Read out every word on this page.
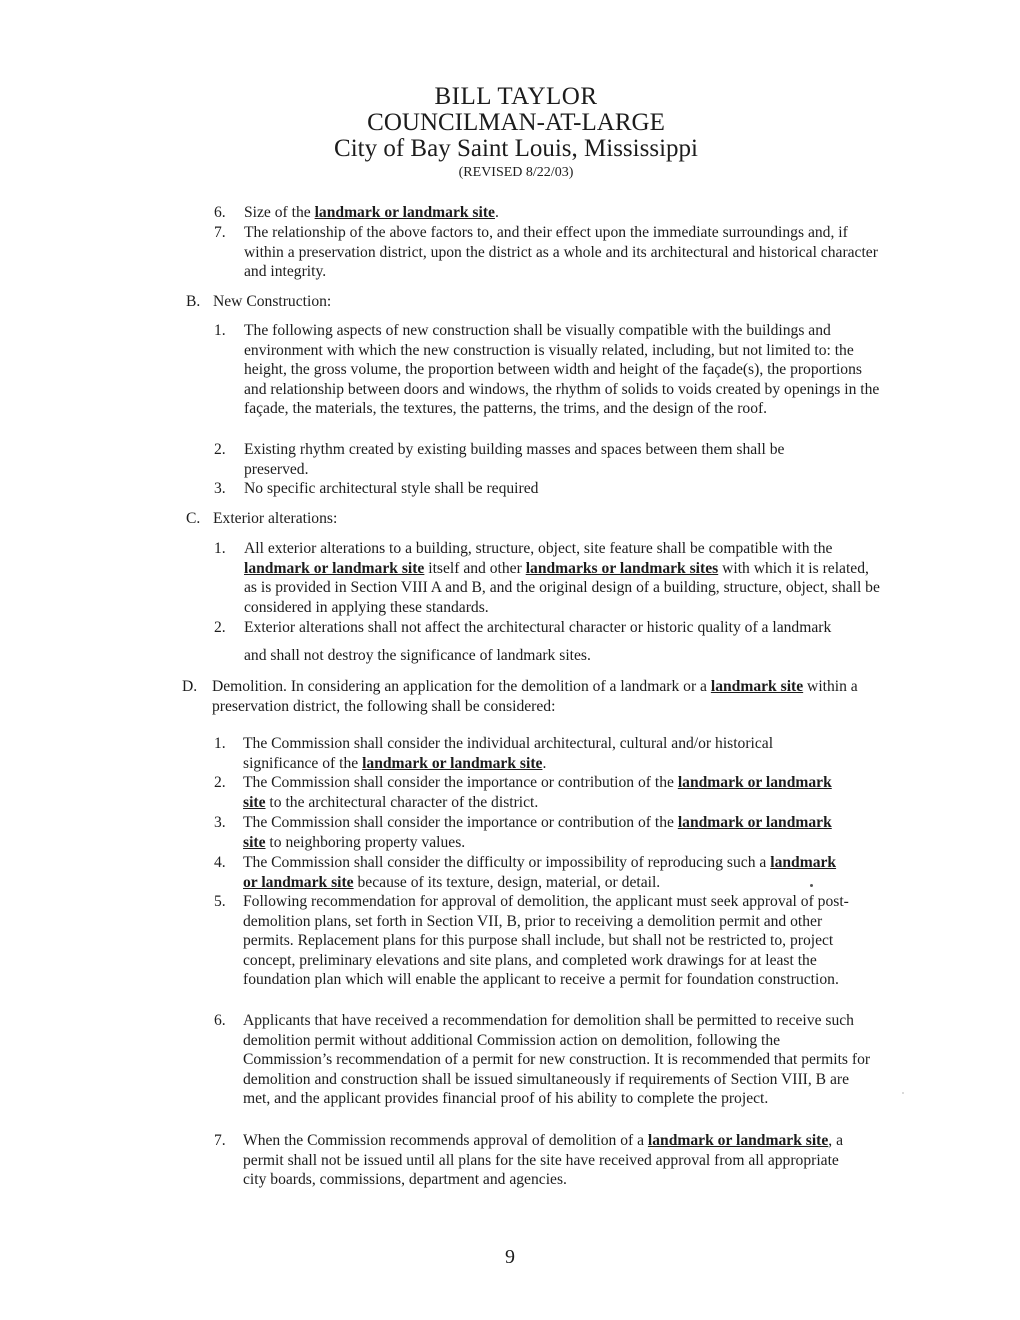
BILL TAYLOR
COUNCILMAN-AT-LARGE
City of Bay Saint Louis, Mississippi
(REVISED 8/22/03)
6. Size of the landmark or landmark site.
7. The relationship of the above factors to, and their effect upon the immediate surroundings and, if within a preservation district, upon the district as a whole and its architectural and historical character and integrity.
B. New Construction:
1. The following aspects of new construction shall be visually compatible with the buildings and environment with which the new construction is visually related, including, but not limited to: the height, the gross volume, the proportion between width and height of the façade(s), the proportions and relationship between doors and windows, the rhythm of solids to voids created by openings in the façade, the materials, the textures, the patterns, the trims, and the design of the roof.
2. Existing rhythm created by existing building masses and spaces between them shall be preserved.
3. No specific architectural style shall be required
C. Exterior alterations:
1. All exterior alterations to a building, structure, object, site feature shall be compatible with the landmark or landmark site itself and other landmarks or landmark sites with which it is related, as is provided in Section VIII A and B, and the original design of a building, structure, object, shall be considered in applying these standards.
2. Exterior alterations shall not affect the architectural character or historic quality of a landmark
and shall not destroy the significance of landmark sites.
D. Demolition. In considering an application for the demolition of a landmark or a landmark site within a preservation district, the following shall be considered:
1. The Commission shall consider the individual architectural, cultural and/or historical significance of the landmark or landmark site.
2. The Commission shall consider the importance or contribution of the landmark or landmark site to the architectural character of the district.
3. The Commission shall consider the importance or contribution of the landmark or landmark site to neighboring property values.
4. The Commission shall consider the difficulty or impossibility of reproducing such a landmark or landmark site because of its texture, design, material, or detail.
5. Following recommendation for approval of demolition, the applicant must seek approval of post-demolition plans, set forth in Section VII, B, prior to receiving a demolition permit and other permits. Replacement plans for this purpose shall include, but shall not be restricted to, project concept, preliminary elevations and site plans, and completed work drawings for at least the foundation plan which will enable the applicant to receive a permit for foundation construction.
6. Applicants that have received a recommendation for demolition shall be permitted to receive such demolition permit without additional Commission action on demolition, following the Commission’s recommendation of a permit for new construction. It is recommended that permits for demolition and construction shall be issued simultaneously if requirements of Section VIII, B are met, and the applicant provides financial proof of his ability to complete the project.
7. When the Commission recommends approval of demolition of a landmark or landmark site, a permit shall not be issued until all plans for the site have received approval from all appropriate city boards, commissions, department and agencies.
9
